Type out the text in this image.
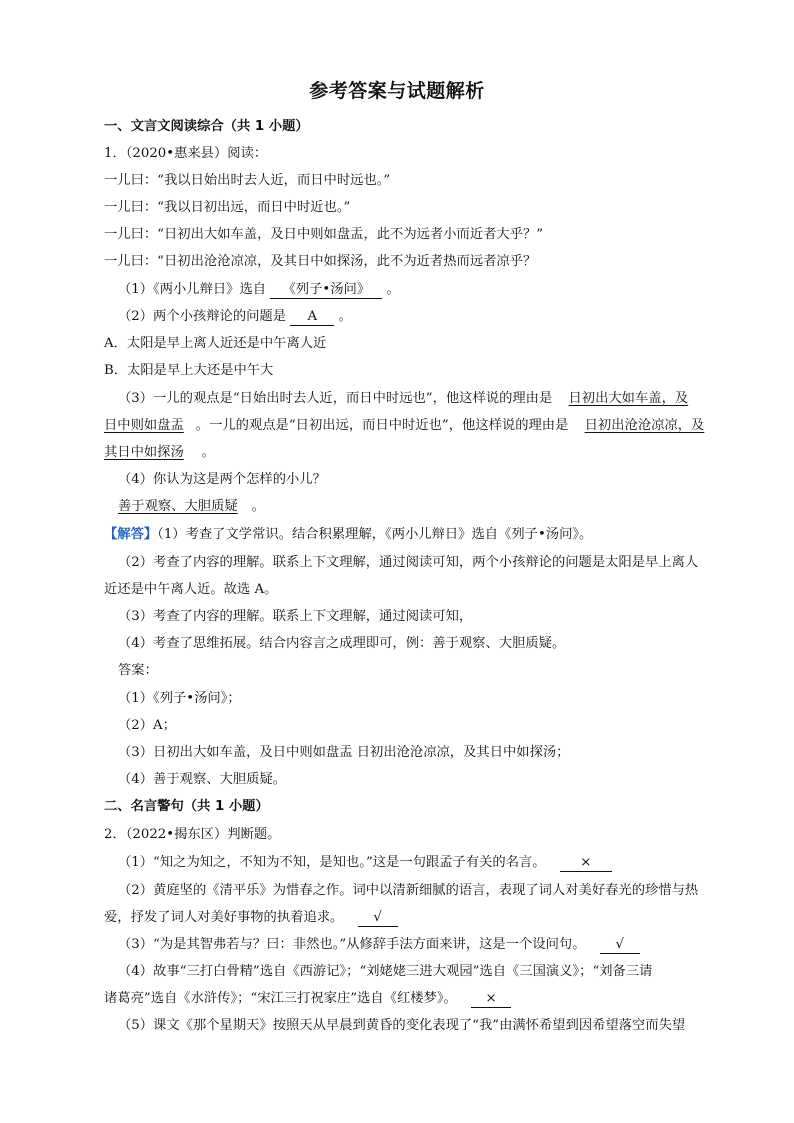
参考答案与试题解析
一、文言文阅读综合（共 1 小题）
1．（2020•惠来县）阅读：
一儿曰：“我以日始出时去人近，而日中时远也。”
一儿曰：“我以日初出远，而日中时近也。”
一儿曰：“日初出大如车盖，及日中则如盘盂，此不为远者小而近者大乎？”
一儿曰：“日初出沧沧凉凉，及其日中如探汤，此不为近者热而远者凉乎？
（1）《两小儿辩日》选自 《列子•汤问》 。
（2）两个小孩辩论的问题是 A 。
A．太阳是早上离人近还是中午离人近
B．太阳是早上大还是中午大
（3）一儿的观点是“日始出时去人近，而日中时远也”，他这样说的理由是 日初出大如车盖，及
日中则如盘盂 。一儿的观点是“日初出远，而日中时近也”，他这样说的理由是 日初出沧沧凉凉，及
其日中如探汤 。
（4）你认为这是两个怎样的小儿？
善于观察、大胆质疑 。
【解答】（1）考查了文学常识。结合积累理解，《两小儿辩日》选自《列子•汤问》。
（2）考查了内容的理解。联系上下文理解，通过阅读可知，两个小孩辩论的问题是太阳是早上离人
近还是中午离人近。故选 A。
（3）考查了内容的理解。联系上下文理解，通过阅读可知，
（4）考查了思维拓展。结合内容言之成理即可，例：善于观察、大胆质疑。
答案：
（1）《列子•汤问》；
（2）A；
（3）日初出大如车盖，及日中则如盘盂 日初出沧沧凉凉，及其日中如探汤；
（4）善于观察、大胆质疑。
二、名言警句（共 1 小题）
2．（2022•揭东区）判断题。
（1）“知之为知之，不知为不知，是知也。”这是一句跟孟子有关的名言。	×
（2）黄庭坚的《清平乐》为惜春之作。词中以清新细腻的语言，表现了词人对美好春光的珍惜与热
爱，抒发了词人对美好事物的执着追求。 √
（3）“为是其智弗若与？曰：非然也。”从修辞手法方面来讲，这是一个设问句。 √
（4）故事“三打白骨精”选自《西游记》；“刘姥姥三进大观园”选自《三国演义》；“刘备三请
诸葛亮”选自《水浒传》；“宋江三打祝家庄”选自《红楼梦》。 ×
（5）课文《那个星期天》按照天从早晨到黄昏的变化表现了“我”由满怀希望到因希望落空而失望
